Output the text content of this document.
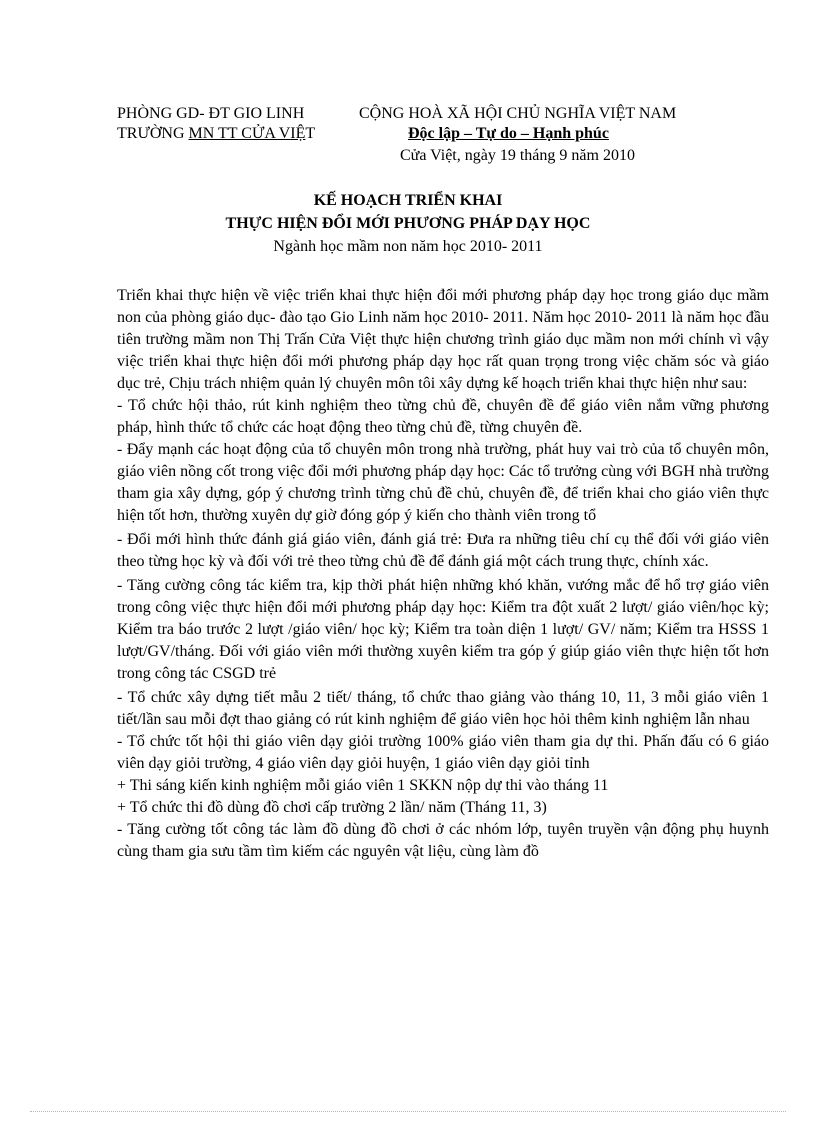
PHÒNG GD- ĐT GIO LINH
TRƯỜNG MN TT CỬA VIỆT
CỘNG HOÀ XÃ HỘI CHỦ NGHĨA VIỆT NAM
Độc lập – Tự do – Hạnh phúc
Cửa Việt, ngày 19 tháng 9 năm 2010
KẾ HOẠCH TRIỂN KHAI
THỰC HIỆN ĐỔI MỚI PHƯƠNG PHÁP DẠY HỌC
Ngành học mầm non năm học 2010- 2011

Triển khai thực hiện về việc triển khai thực hiện đổi mới phương pháp dạy học trong giáo dục mầm non của phòng giáo dục- đào tạo Gio Linh năm học 2010- 2011. Năm học 2010- 2011 là năm học đầu tiên trường mầm non Thị Trấn Cửa Việt thực hiện chương trình giáo dục mầm non mới chính vì vậy việc triển khai thực hiện đổi mới phương pháp dạy học rất quan trọng trong việc chăm sóc và giáo dục trẻ, Chịu trách nhiệm quản lý chuyên môn tôi xây dựng kế hoạch triển khai thực hiện như sau:

- Tổ chức hội thảo, rút kinh nghiệm theo từng chủ đề, chuyên đề để giáo viên nắm vững phương pháp, hình thức tổ chức các hoạt động theo từng chủ đề, từng chuyên đề.

- Đẩy mạnh các hoạt động của tổ chuyên môn trong nhà trường, phát huy vai trò của tổ chuyên môn, giáo viên nồng cốt trong việc đổi mới phương pháp dạy học: Các tổ trưởng cùng với BGH nhà trường tham gia xây dựng, góp ý chương trình từng chủ đề chủ, chuyên đề, để triển khai cho giáo viên thực hiện tốt hơn, thường xuyên dự giờ đóng góp ý kiến cho thành viên trong tổ

- Đổi mới hình thức đánh giá giáo viên, đánh giá trẻ: Đưa ra những tiêu chí cụ thể đối với giáo viên theo từng học kỳ và đối với trẻ theo từng chủ đề để đánh giá một cách trung thực, chính xác.

- Tăng cường công tác kiểm tra, kịp thời phát hiện những khó khăn, vướng mắc để hổ trợ giáo viên trong công việc thực hiện đổi mới phương pháp dạy học: Kiểm tra đột xuất 2 lượt/ giáo viên/học kỳ; Kiểm tra báo trước 2 lượt /giáo viên/ học kỳ; Kiểm tra toàn diện 1 lượt/ GV/ năm; Kiểm tra HSSS 1 lượt/GV/tháng. Đối với giáo viên mới thường xuyên kiểm tra góp ý giúp giáo viên thực hiện tốt hơn trong công tác CSGD trẻ

- Tổ chức xây dựng tiết mẫu 2 tiết/ tháng, tổ chức thao giảng vào tháng 10, 11, 3 mỗi giáo viên 1 tiết/lần sau mỗi đợt thao giảng có rút kinh nghiệm để giáo viên học hỏi thêm kinh nghiệm lẫn nhau

- Tổ chức tốt hội thi giáo viên dạy giỏi trường 100% giáo viên tham gia dự thi. Phấn đấu có 6 giáo viên dạy giỏi trường, 4 giáo viên dạy giỏi huyện, 1 giáo viên dạy giỏi tỉnh

+ Thi sáng kiến kinh nghiệm mỗi giáo viên 1 SKKN nộp dự thi vào tháng 11

+ Tổ chức thi đồ dùng đồ chơi cấp trường 2 lần/ năm (Tháng 11, 3)

- Tăng cường tốt công tác làm đồ dùng đồ chơi ở các nhóm lớp, tuyên truyền vận động phụ huynh cùng tham gia sưu tầm tìm kiếm các nguyên vật liệu, cùng làm đồ
